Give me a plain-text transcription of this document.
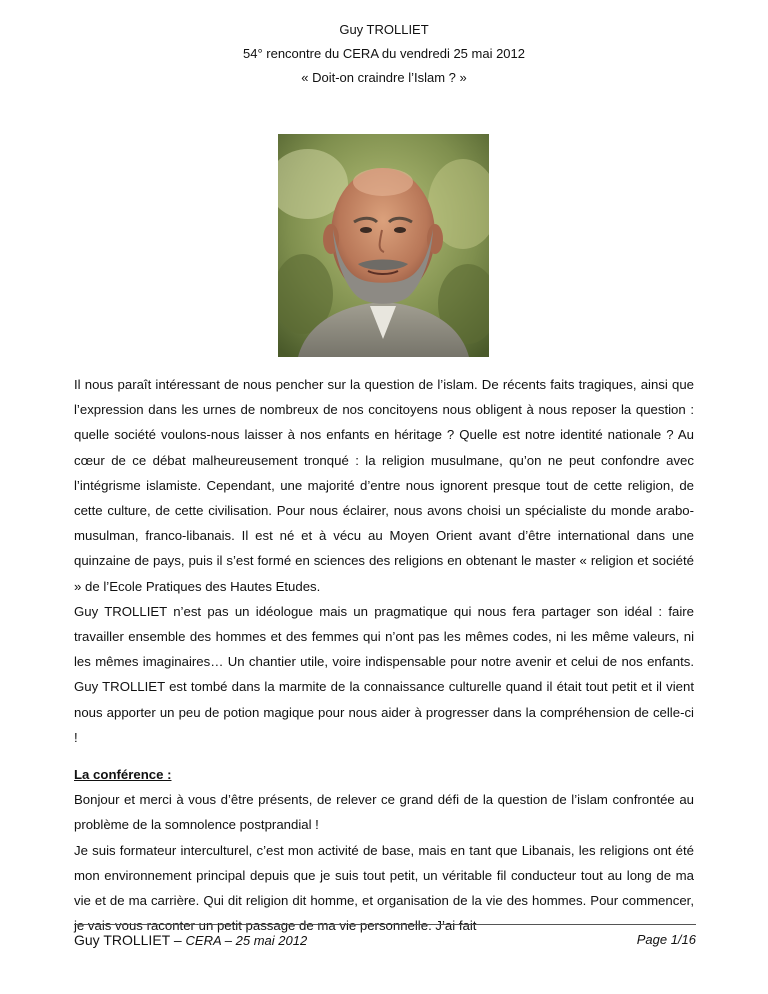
Guy TROLLIET
54° rencontre du CERA du vendredi 25 mai 2012
« Doit-on craindre l’Islam ? »

Il nous paraît intéressant de nous pencher sur la question de l’islam. De récents faits tragiques, ainsi que l’expression dans les urnes de nombreux de nos concitoyens nous obligent à nous reposer la question : quelle société voulons-nous laisser à nos enfants en héritage ? Quelle est notre identité nationale ? Au cœur de ce débat malheureusement tronqué : la religion musulmane, qu’on ne peut confondre avec l’intégrisme islamiste. Cependant, une majorité d’entre nous ignorent presque tout de cette religion, de cette culture, de cette civilisation. Pour nous éclairer, nous avons choisi un spécialiste du monde arabo-musulman, franco-libanais. Il est né et à vécu au Moyen Orient avant d’être international dans une quinzaine de pays, puis il s’est formé en sciences des religions en obtenant le master « religion et société » de l’Ecole Pratiques des Hautes Etudes.

Guy TROLLIET n’est pas un idéologue mais un pragmatique qui nous fera partager son idéal : faire travailler ensemble des hommes et des femmes qui n’ont pas les mêmes codes, ni les même valeurs, ni les mêmes imaginaires… Un chantier utile, voire indispensable pour notre avenir et celui de nos enfants. Guy TROLLIET est tombé dans la marmite de la connaissance culturelle quand il était tout petit et il vient nous apporter un peu de potion magique pour nous aider à progresser dans la compréhension de celle-ci !

La conférence :

Bonjour et merci à vous d’être présents, de relever ce grand défi de la question de l’islam confrontée au problème de la somnolence postprandial !

Je suis formateur interculturel, c’est mon activité de base, mais en tant que Libanais, les religions ont été mon environnement principal depuis que je suis tout petit, un véritable fil conducteur tout au long de ma vie et de ma carrière. Qui dit religion dit homme, et organisation de la vie des hommes. Pour commencer, je vais vous raconter un petit passage de ma vie personnelle. J’ai fait

Guy TROLLIET – CERA – 25 mai 2012	Page 1/16
